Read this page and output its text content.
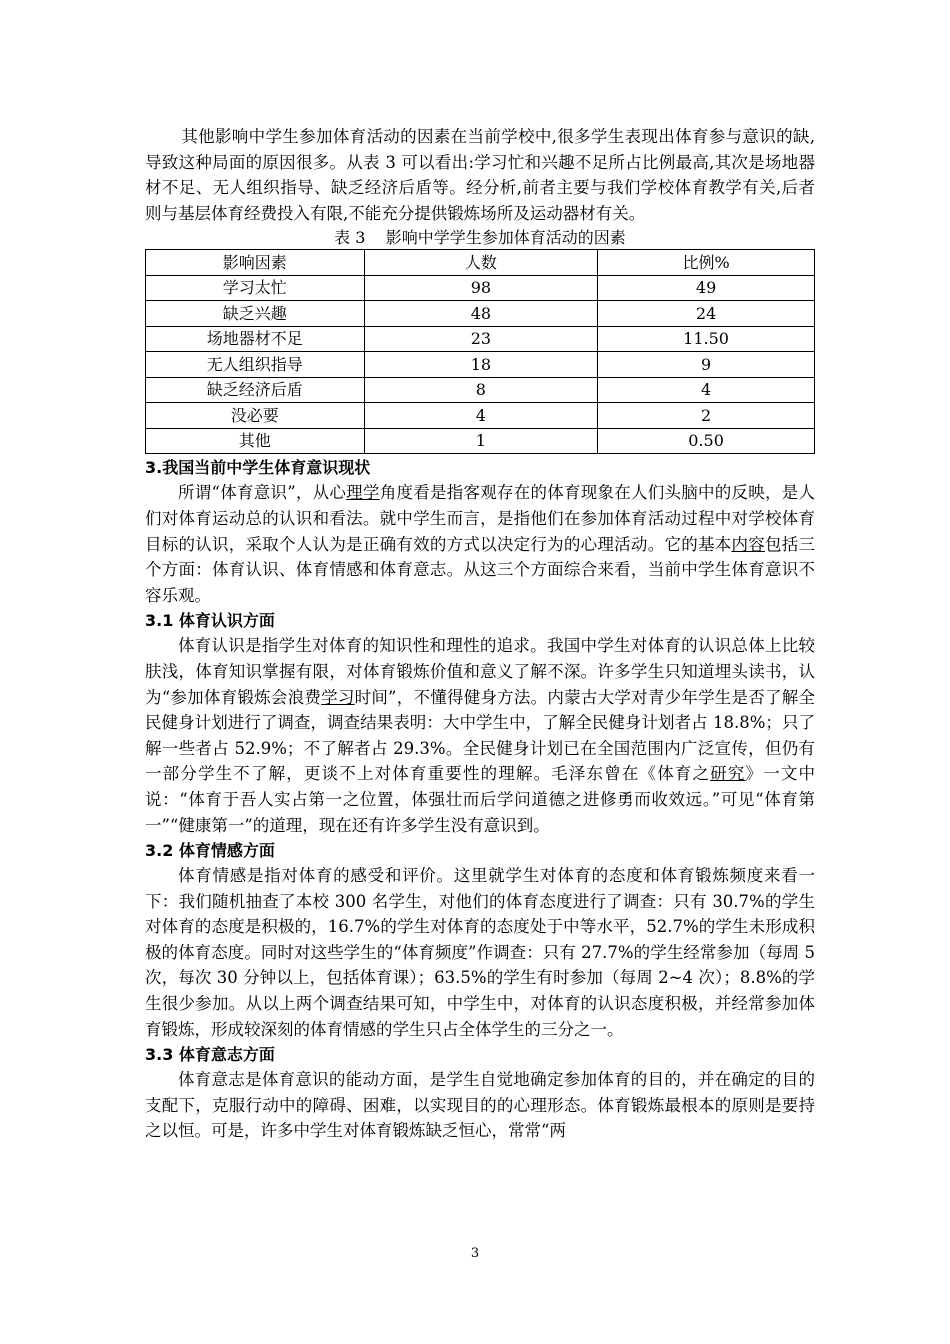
其他影响中学生参加体育活动的因素在当前学校中,很多学生表现出体育参与意识的缺,导致这种局面的原因很多。从表 3 可以看出:学习忙和兴趣不足所占比例最高,其次是场地器材不足、无人组织指导、缺乏经济后盾等。经分析,前者主要与我们学校体育教学有关,后者则与基层体育经费投入有限,不能充分提供锻炼场所及运动器材有关。

表 3 影响中学学生参加体育活动的因素
影响因素	人数	比例%
学习太忙	98	49
缺乏兴趣	48	24
场地器材不足	23	11.50
无人组织指导	18	9
缺乏经济后盾	8	4
没必要	4	2
其他	1	0.50
3.我国当前中学生体育意识现状

所谓“体育意识”，从心理学角度看是指客观存在的体育现象在人们头脑中的反映，是人们对体育运动总的认识和看法。就中学生而言，是指他们在参加体育活动过程中对学校体育目标的认识，采取个人认为是正确有效的方式以决定行为的心理活动。它的基本内容包括三个方面：体育认识、体育情感和体育意志。从这三个方面综合来看，当前中学生体育意识不容乐观。

3.1 体育认识方面

体育认识是指学生对体育的知识性和理性的追求。我国中学生对体育的认识总体上比较肤浅，体育知识掌握有限，对体育锻炼价值和意义了解不深。许多学生只知道埋头读书，认为“参加体育锻炼会浪费学习时间”，不懂得健身方法。内蒙古大学对青少年学生是否了解全民健身计划进行了调查，调查结果表明：大中学生中，了解全民健身计划者占 18.8%；只了解一些者占 52.9%；不了解者占 29.3%。全民健身计划已在全国范围内广泛宣传，但仍有一部分学生不了解，更谈不上对体育重要性的理解。毛泽东曾在《体育之研究》一文中说：“体育于吾人实占第一之位置，体强壮而后学问道德之进修勇而收效远。”可见“体育第一”“健康第一”的道理，现在还有许多学生没有意识到。

3.2 体育情感方面

体育情感是指对体育的感受和评价。这里就学生对体育的态度和体育锻炼频度来看一下：我们随机抽查了本校 300 名学生，对他们的体育态度进行了调查：只有 30.7%的学生对体育的态度是积极的，16.7%的学生对体育的态度处于中等水平，52.7%的学生未形成积极的体育态度。同时对这些学生的“体育频度”作调查：只有 27.7%的学生经常参加（每周 5 次，每次 30 分钟以上，包括体育课）；63.5%的学生有时参加（每周 2~4 次）；8.8%的学生很少参加。从以上两个调查结果可知，中学生中，对体育的认识态度积极，并经常参加体育锻炼，形成较深刻的体育情感的学生只占全体学生的三分之一。

3.3 体育意志方面

体育意志是体育意识的能动方面，是学生自觉地确定参加体育的目的，并在确定的目的支配下，克服行动中的障碍、困难，以实现目的的心理形态。体育锻炼最根本的原则是要持之以恒。可是，许多中学生对体育锻炼缺乏恒心，常常“两

3
